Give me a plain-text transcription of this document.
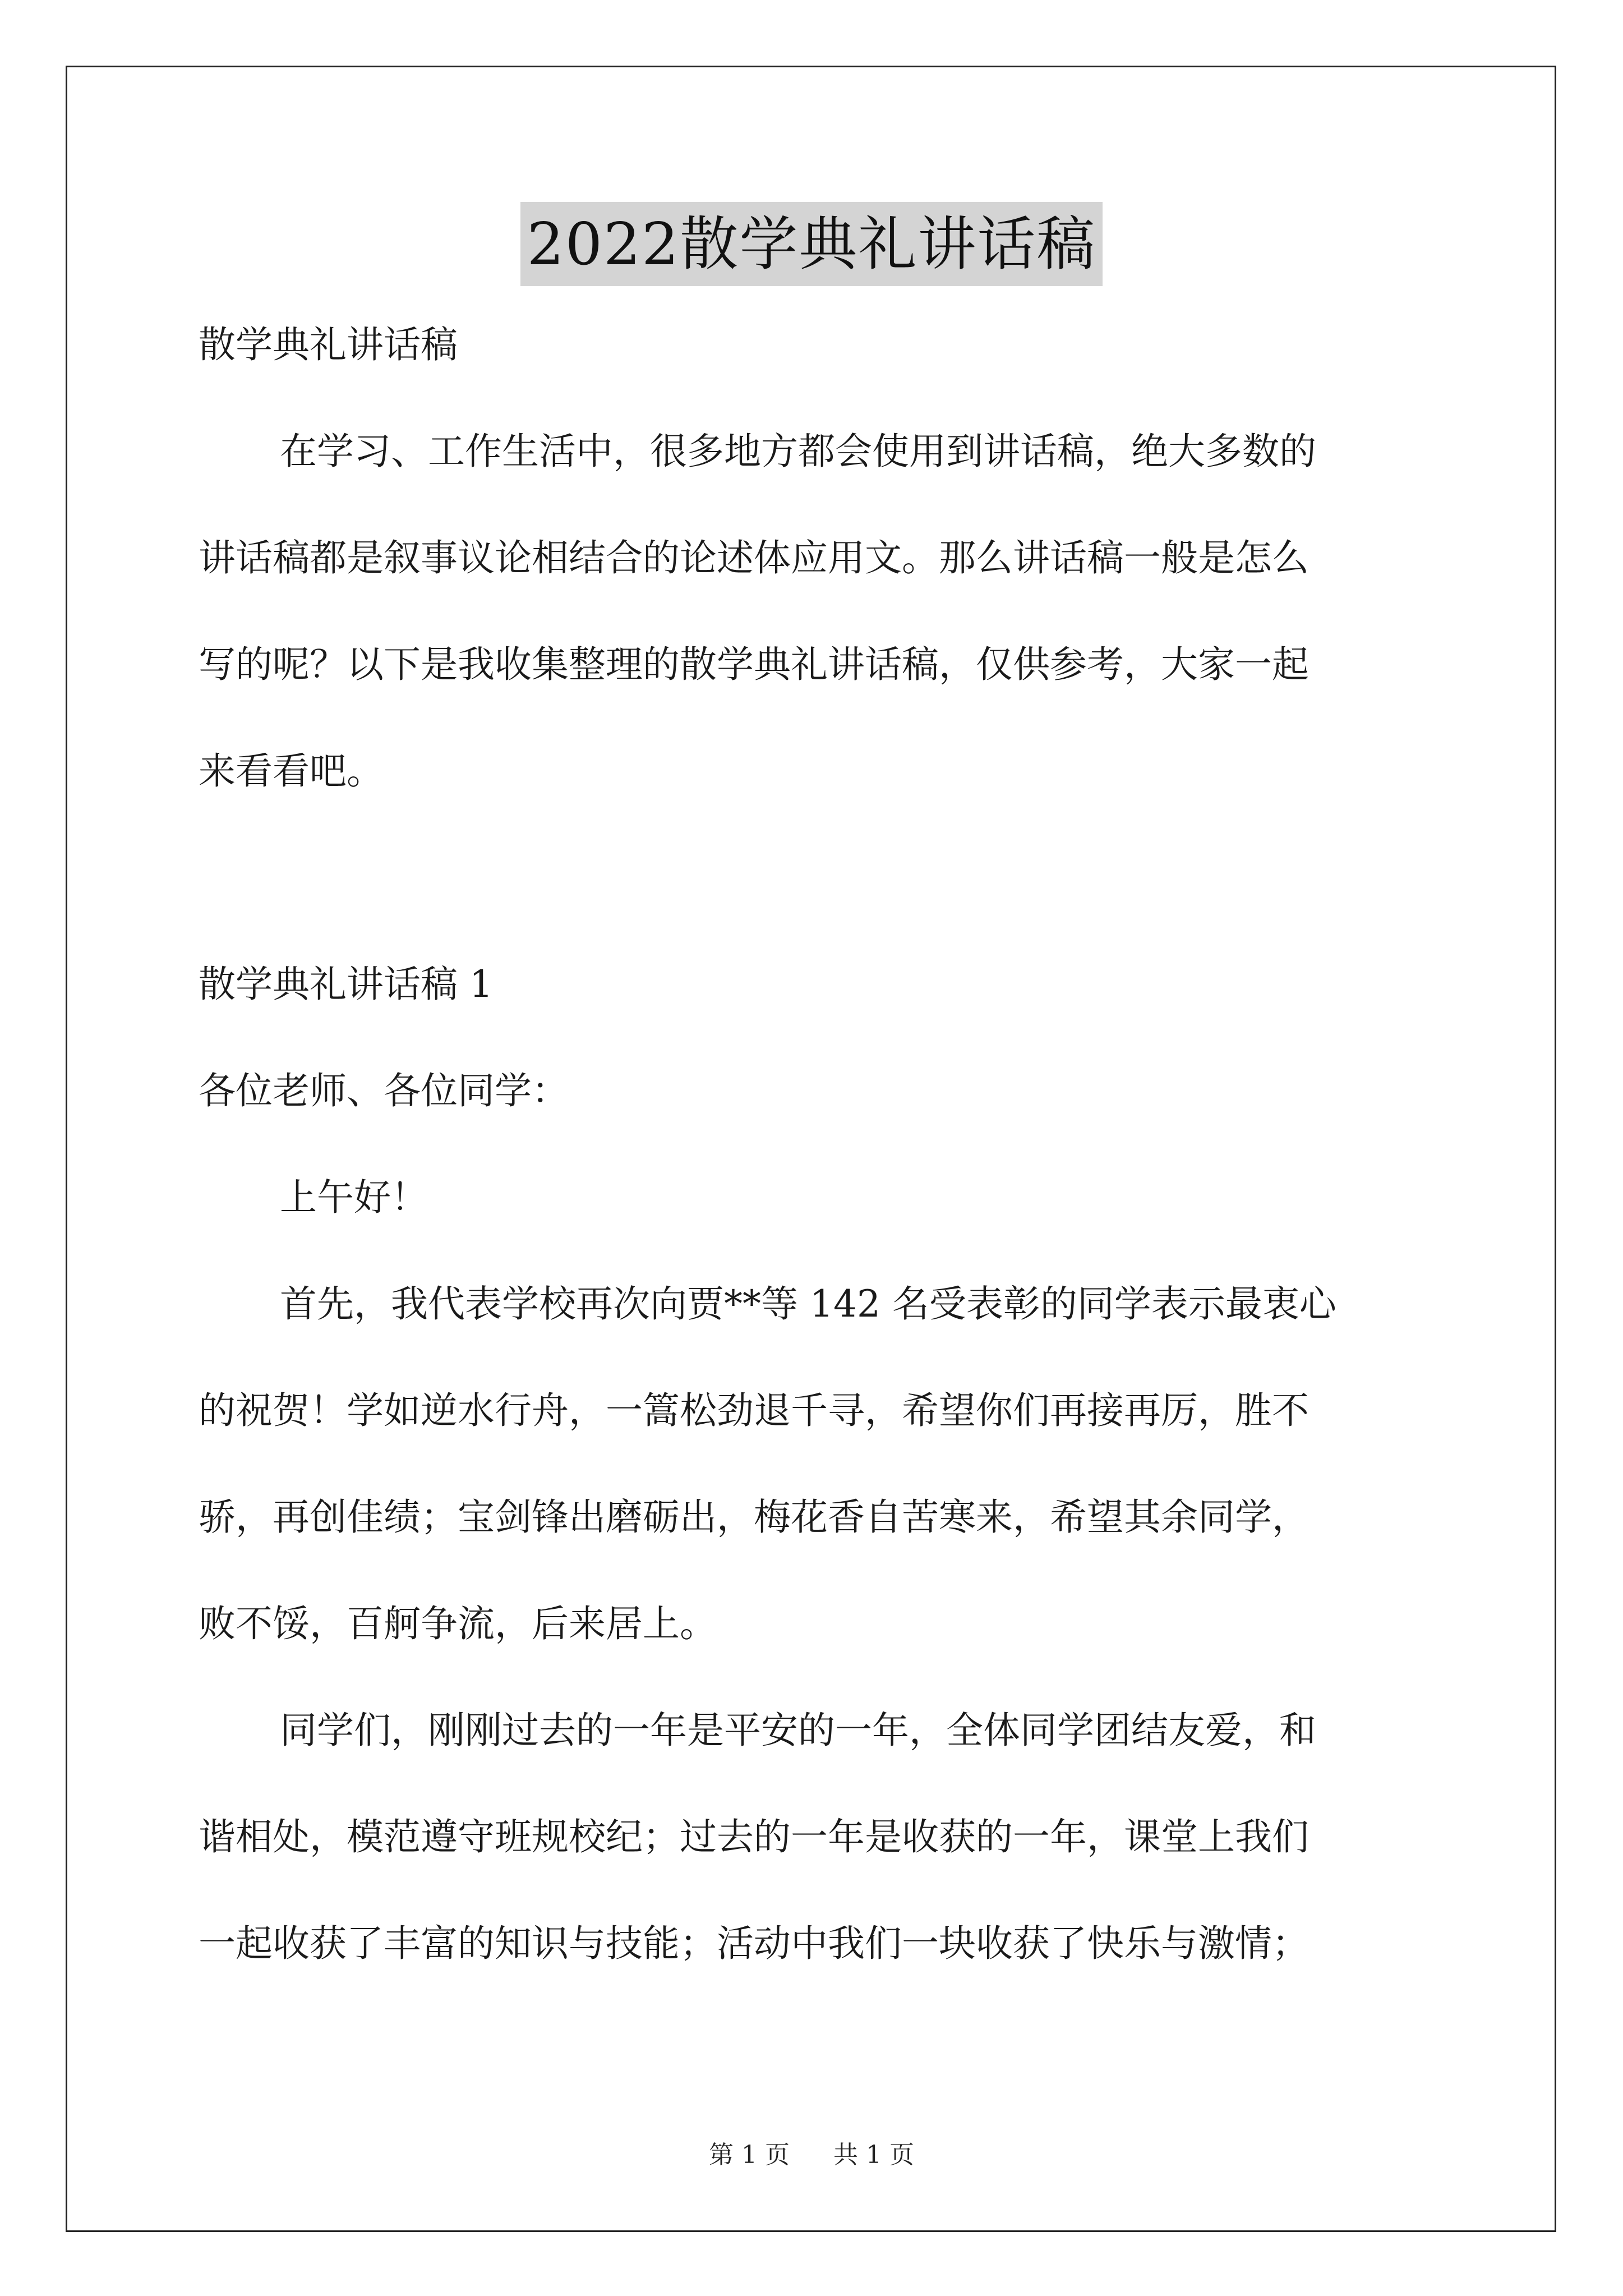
2022散学典礼讲话稿

散学典礼讲话稿

在学习、工作生活中，很多地方都会使用到讲话稿，绝大多数的

讲话稿都是叙事议论相结合的论述体应用文。那么讲话稿一般是怎么

写的呢？以下是我收集整理的散学典礼讲话稿，仅供参考，大家一起

来看看吧。

散学典礼讲话稿 1

各位老师、各位同学：

上午好！

首先，我代表学校再次向贾**等 142 名受表彰的同学表示最衷心

的祝贺！学如逆水行舟，一篙松劲退千寻，希望你们再接再厉，胜不

骄，再创佳绩；宝剑锋出磨砺出，梅花香自苦寒来，希望其余同学，

败不馁，百舸争流，后来居上。

同学们，刚刚过去的一年是平安的一年，全体同学团结友爱，和

谐相处，模范遵守班规校纪；过去的一年是收获的一年，课堂上我们

一起收获了丰富的知识与技能；活动中我们一块收获了快乐与激情；

第 1 页 共 1 页
